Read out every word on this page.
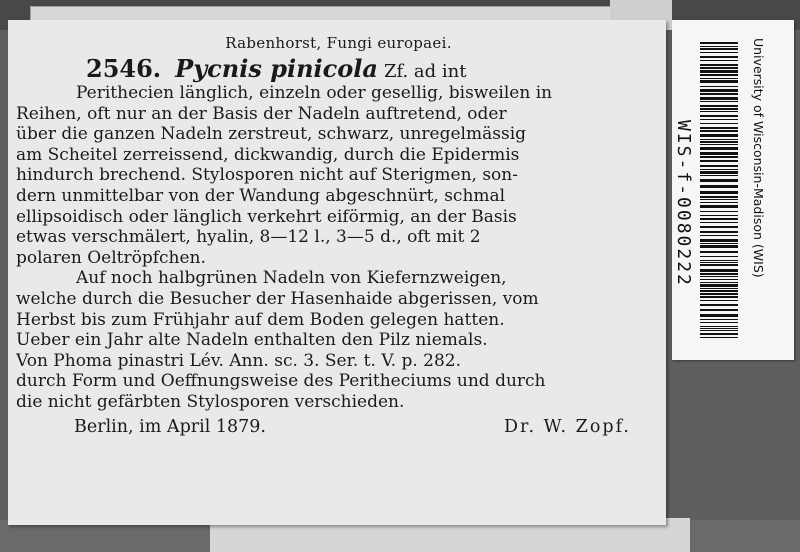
Rabenhorst, Fungi europaei.
2546. Pycnis pinicola Zf. ad int

Perithecien länglich, einzeln oder gesellig, bisweilen in
Reihen, oft nur an der Basis der Nadeln auftretend, oder
über die ganzen Nadeln zerstreut, schwarz, unregelmässig
am Scheitel zerreissend, dickwandig, durch die Epidermis
hindurch brechend. Stylosporen nicht auf Sterigmen, son-
dern unmittelbar von der Wandung abgeschnürt, schmal
ellipsoidisch oder länglich verkehrt eiförmig, an der Basis
etwas verschmälert, hyalin, 8—12 l., 3—5 d., oft mit 2
polaren Oeltröpfchen.

Auf noch halbgrünen Nadeln von Kiefernzweigen,
welche durch die Besucher der Hasenhaide abgerissen, vom
Herbst bis zum Frühjahr auf dem Boden gelegen hatten.
Ueber ein Jahr alte Nadeln enthalten den Pilz niemals.
Von Phoma pinastri Lév. Ann. sc. 3. Ser. t. V. p. 282.
durch Form und Oeffnungsweise des Peritheciums und durch
die nicht gefärbten Stylosporen verschieden.

Berlin, im April 1879.	Dr. W. Zopf.
University of Wisconsin-Madison (WIS)
WIS-f-0080222
